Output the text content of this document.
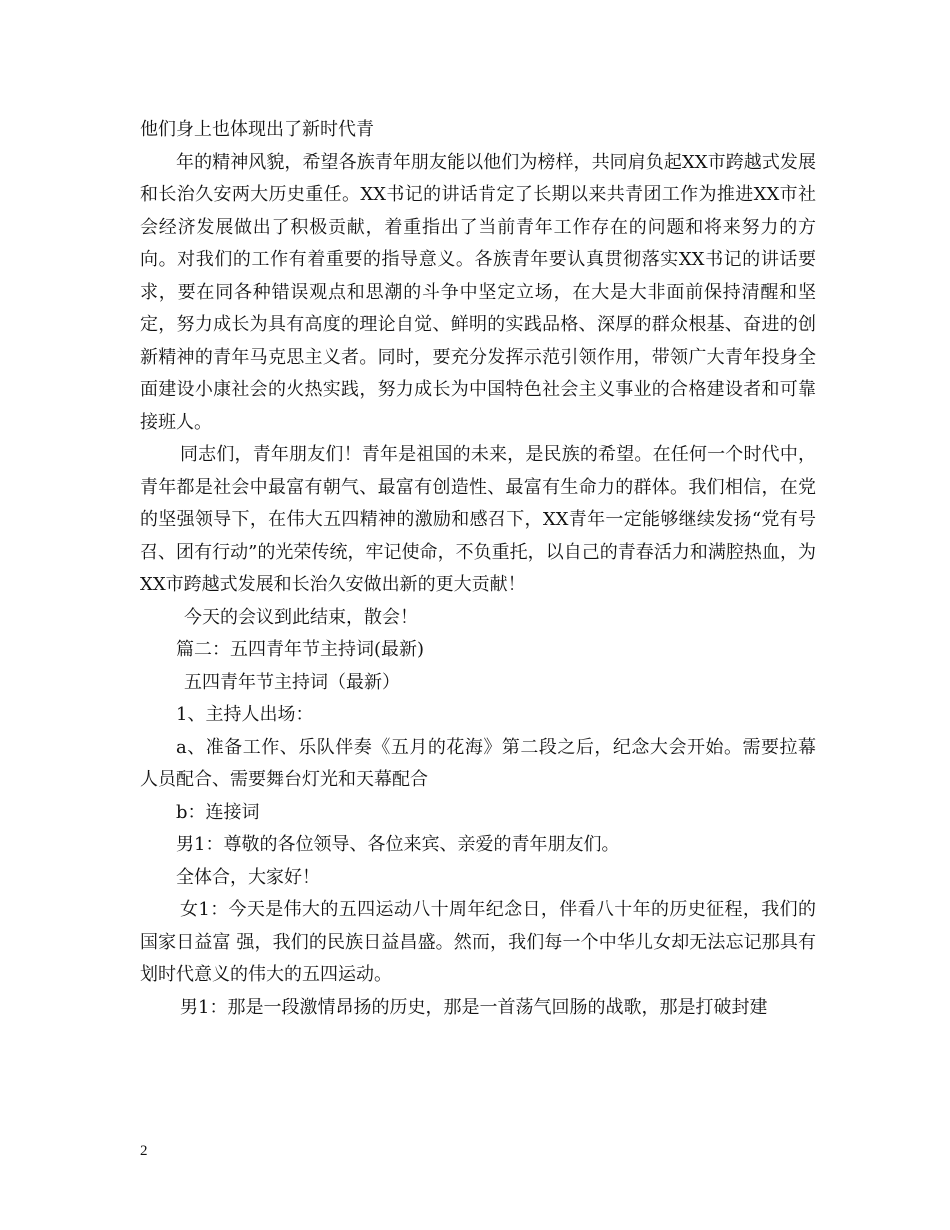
他们身上也体现出了新时代青

年的精神风貌，希望各族青年朋友能以他们为榜样，共同肩负起XX市跨越式发展和长治久安两大历史重任。XX书记的讲话肯定了长期以来共青团工作为推进XX市社会经济发展做出了积极贡献，着重指出了当前青年工作存在的问题和将来努力的方向。对我们的工作有着重要的指导意义。各族青年要认真贯彻落实XX书记的讲话要求，要在同各种错误观点和思潮的斗争中坚定立场，在大是大非面前保持清醒和坚定，努力成长为具有高度的理论自觉、鲜明的实践品格、深厚的群众根基、奋进的创新精神的青年马克思主义者。同时，要充分发挥示范引领作用，带领广大青年投身全面建设小康社会的火热实践，努力成长为中国特色社会主义事业的合格建设者和可靠接班人。

同志们，青年朋友们！青年是祖国的未来，是民族的希望。在任何一个时代中，青年都是社会中最富有朝气、最富有创造性、最富有生命力的群体。我们相信，在党的坚强领导下，在伟大五四精神的激励和感召下，XX青年一定能够继续发扬“党有号召、团有行动”的光荣传统，牢记使命，不负重托，以自己的青春活力和满腔热血，为XX市跨越式发展和长治久安做出新的更大贡献！

今天的会议到此结束，散会！

篇二：五四青年节主持词(最新)

五四青年节主持词（最新）

1、主持人出场：

a、准备工作、乐队伴奏《五月的花海》第二段之后，纪念大会开始。需要拉幕人员配合、需要舞台灯光和天幕配合

b：连接词

男1：尊敬的各位领导、各位来宾、亲爱的青年朋友们。

全体合，大家好！

女1：今天是伟大的五四运动八十周年纪念日，伴看八十年的历史征程，我们的国家日益富 强，我们的民族日益昌盛。然而，我们每一个中华儿女却无法忘记那具有划时代意义的伟大的五四运动。

男1：那是一段激情昂扬的历史，那是一首荡气回肠的战歌，那是打破封建

2
